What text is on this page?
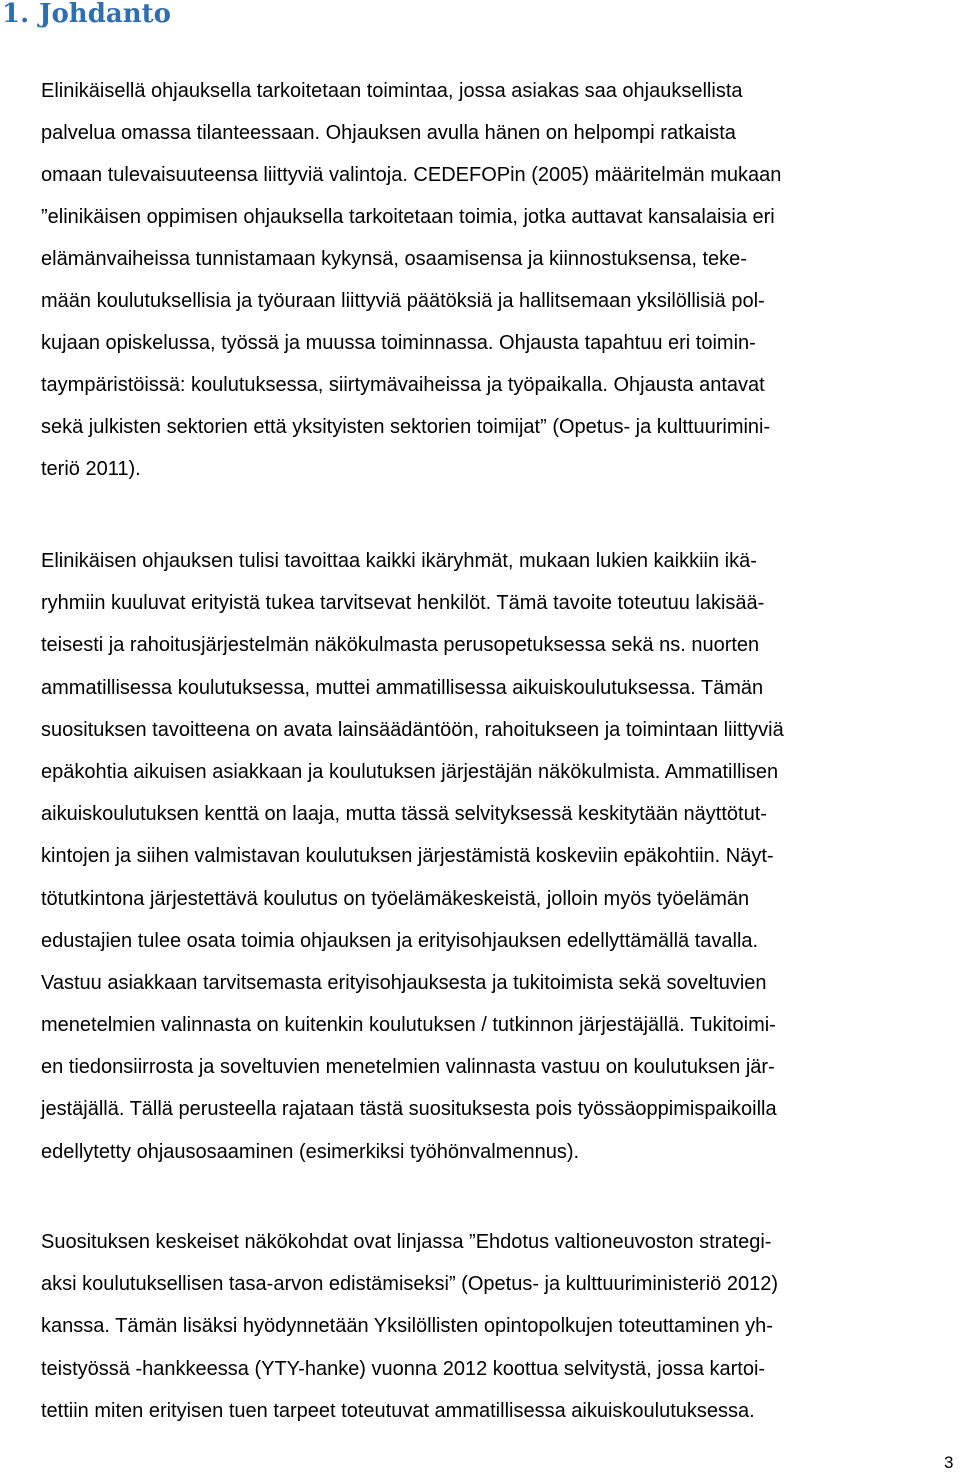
1. Johdanto
Elinikäisellä ohjauksella tarkoitetaan toimintaa, jossa asiakas saa ohjauksellista
palvelua omassa tilanteessaan. Ohjauksen avulla hänen on helpompi ratkaista
omaan tulevaisuuteensa liittyviä valintoja. CEDEFOPin (2005) määritelmän mukaan
”elinikäisen oppimisen ohjauksella tarkoitetaan toimia, jotka auttavat kansalaisia eri
elämänvaiheissa tunnistamaan kykynsä, osaamisensa ja kiinnostuksensa, teke-
mään koulutuksellisia ja työuraan liittyviä päätöksiä ja hallitsemaan yksilöllisiä pol-
kujaan opiskelussa, työssä ja muussa toiminnassa. Ohjausta tapahtuu eri toimin-
taympäristöissä: koulutuksessa, siirtymävaiheissa ja työpaikalla. Ohjausta antavat
sekä julkisten sektorien että yksityisten sektorien toimijat” (Opetus- ja kulttuurimini-
teriö 2011).
Elinikäisen ohjauksen tulisi tavoittaa kaikki ikäryhmät, mukaan lukien kaikkiin ikä-
ryhmiin kuuluvat erityistä tukea tarvitsevat henkilöt. Tämä tavoite toteutuu lakisää-
teisesti ja rahoitusjärjestelmän näkökulmasta perusopetuksessa sekä ns. nuorten
ammatillisessa koulutuksessa, muttei ammatillisessa aikuiskoulutuksessa. Tämän
suosituksen tavoitteena on avata lainsäädäntöön, rahoitukseen ja toimintaan liittyviä
epäkohtia aikuisen asiakkaan ja koulutuksen järjestäjän näkökulmista. Ammatillisen
aikuiskoulutuksen kenttä on laaja, mutta tässä selvityksessä keskitytään näyttötut-
kintojen ja siihen valmistavan koulutuksen järjestämistä koskeviin epäkohtiin. Näyt-
tötutkintona järjestettävä koulutus on työelämäkeskeistä, jolloin myös työelämän
edustajien tulee osata toimia ohjauksen ja erityisohjauksen edellyttämällä tavalla.
Vastuu asiakkaan tarvitsemasta erityisohjauksesta ja tukitoimista sekä soveltuvien
menetelmien valinnasta on kuitenkin koulutuksen / tutkinnon järjestäjällä. Tukitoimi-
en tiedonsiirrosta ja soveltuvien menetelmien valinnasta vastuu on koulutuksen jär-
jestäjällä. Tällä perusteella rajataan tästä suosituksesta pois työssäoppimispaikoilla
edellytetty ohjausosaaminen (esimerkiksi työhönvalmennus).
Suosituksen keskeiset näkökohdat ovat linjassa ”Ehdotus valtioneuvoston strategi-
aksi koulutuksellisen tasa-arvon edistämiseksi” (Opetus- ja kulttuuriministeriö 2012)
kanssa. Tämän lisäksi hyödynnetään Yksilöllisten opintopolkujen toteuttaminen yh-
teistyössä -hankkeessa (YTY-hanke) vuonna 2012 koottua selvitystä, jossa kartoi-
tettiin miten erityisen tuen tarpeet toteutuvat ammatillisessa aikuiskoulutuksessa.
3
